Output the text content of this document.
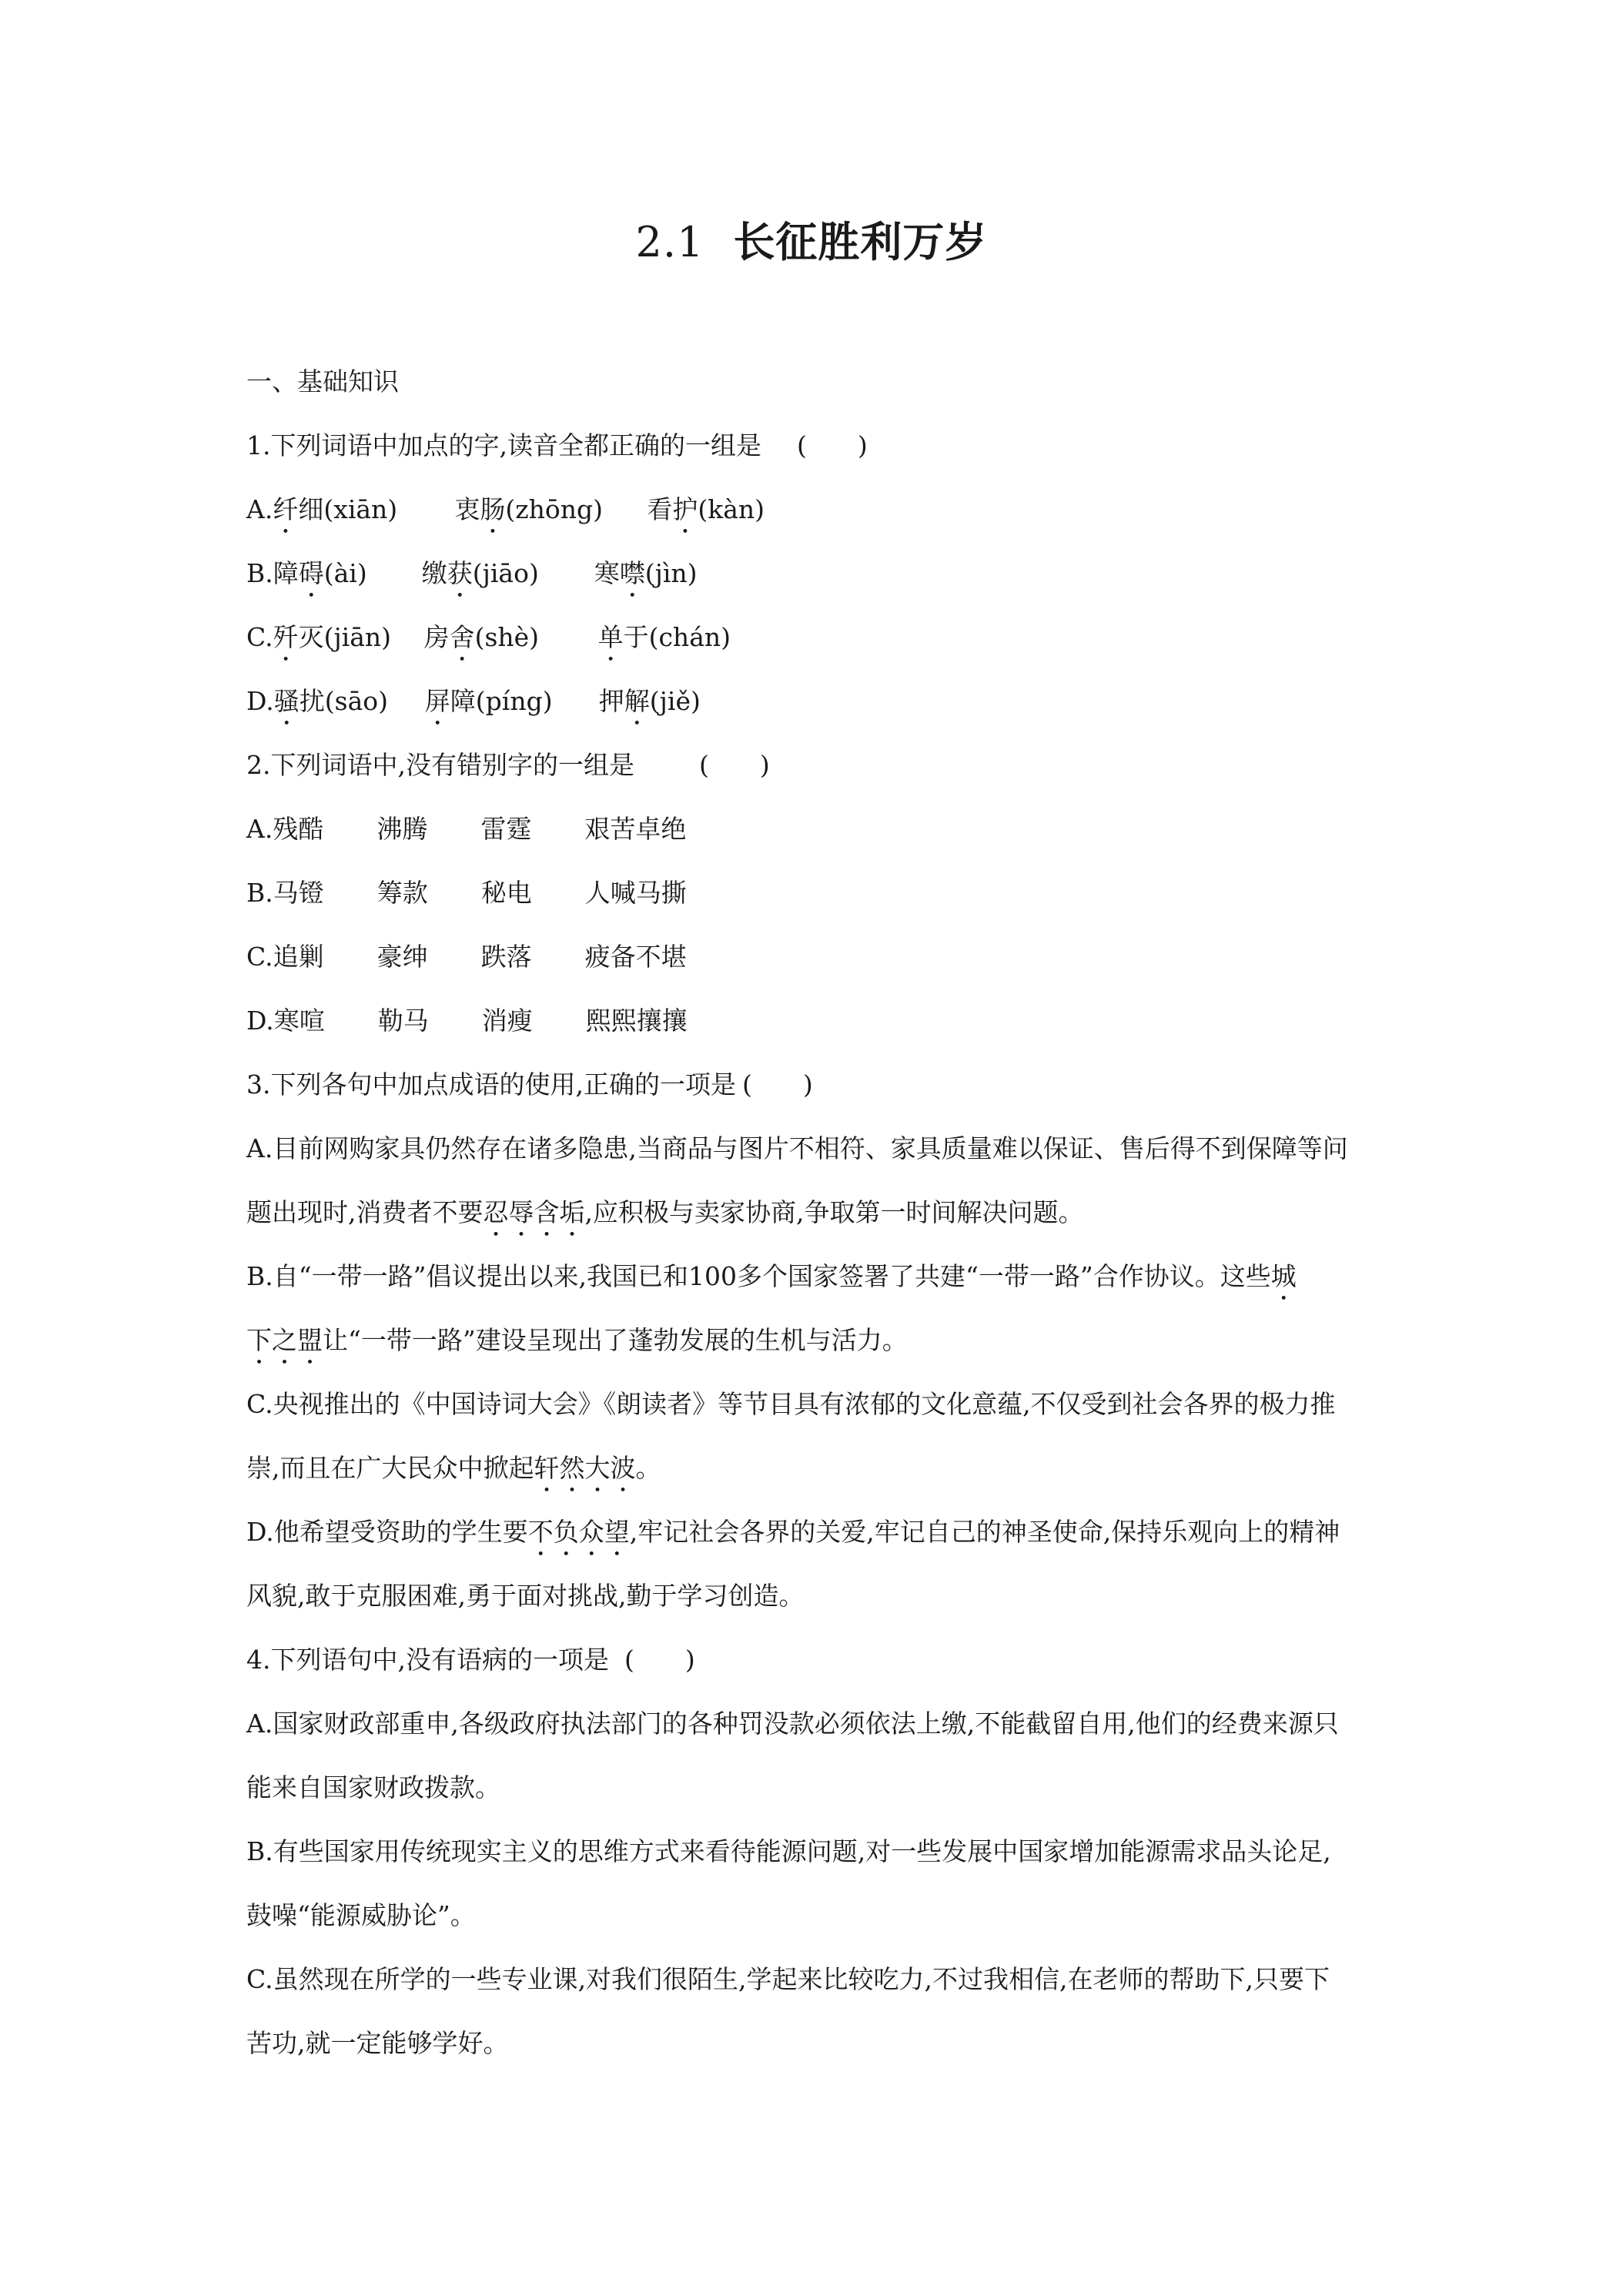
2.1 长征胜利万岁
一、基础知识
1.下列词语中加点的字,读音全都正确的一组是 (　　)
A.纤细(xiān) 衷肠(zhōng) 看护(kàn)
B.障碍(ài) 缴获(jiāo) 寒噤(jìn)
C.歼灭(jiān) 房舍(shè) 单于(chán)
D.骚扰(sāo) 屏障(píng) 押解(jiě)
2.下列词语中,没有错别字的一组是	(　　)
A.残酷 沸腾 雷霆 艰苦卓绝
B.马镫 筹款 秘电 人喊马撕
C.追剿 豪绅 跌落 疲备不堪
D.寒喧 勒马 消瘦 熙熙攘攘
3.下列各句中加点成语的使用,正确的一项是 (　　)
A.目前网购家具仍然存在诸多隐患,当商品与图片不相符、家具质量难以保证、售后得不到保障等问
题出现时,消费者不要忍辱含垢,应积极与卖家协商,争取第一时间解决问题。
B.自“一带一路”倡议提出以来,我国已和100多个国家签署了共建“一带一路”合作协议。这些城
下之盟让“一带一路”建设呈现出了蓬勃发展的生机与活力。
C.央视推出的《中国诗词大会》《朗读者》等节目具有浓郁的文化意蕴,不仅受到社会各界的极力推
崇,而且在广大民众中掀起轩然大波。
D.他希望受资助的学生要不负众望,牢记社会各界的关爱,牢记自己的神圣使命,保持乐观向上的精神
风貌,敢于克服困难,勇于面对挑战,勤于学习创造。
4.下列语句中,没有语病的一项是 (　　)
A.国家财政部重申,各级政府执法部门的各种罚没款必须依法上缴,不能截留自用,他们的经费来源只
能来自国家财政拨款。
B.有些国家用传统现实主义的思维方式来看待能源问题,对一些发展中国家增加能源需求品头论足,
鼓噪“能源威胁论”。
C.虽然现在所学的一些专业课,对我们很陌生,学起来比较吃力,不过我相信,在老师的帮助下,只要下
苦功,就一定能够学好。
